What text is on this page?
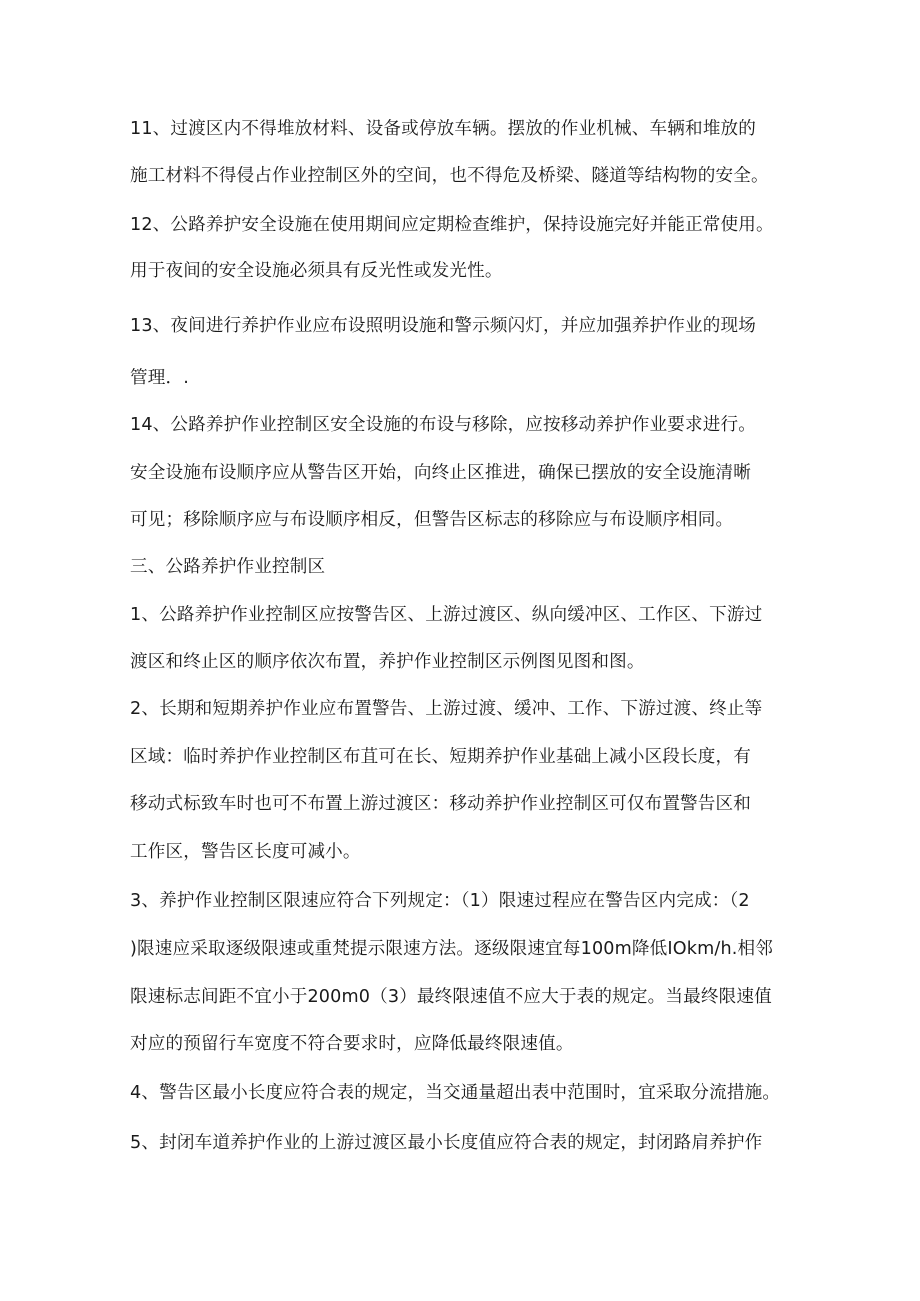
11、过渡区内不得堆放材料、设备或停放车辆。摆放的作业机械、车辆和堆放的
施工材料不得侵占作业控制区外的空间，也不得危及桥梁、隧道等结构物的安全。
12、公路养护安全设施在使用期间应定期检查维护，保持设施完好并能正常使用。
用于夜间的安全设施必须具有反光性或发光性。
13、夜间进行养护作业应布设照明设施和警示频闪灯，并应加强养护作业的现场
管理．.
14、公路养护作业控制区安全设施的布设与移除，应按移动养护作业要求进行。
安全设施布设顺序应从警告区开始，向终止区推进，确保已摆放的安全设施清晰
可见；移除顺序应与布设顺序相反，但警告区标志的移除应与布设顺序相同。
三、公路养护作业控制区
1、公路养护作业控制区应按警告区、上游过渡区、纵向缓冲区、工作区、下游过
渡区和终止区的顺序依次布置，养护作业控制区示例图见图和图。
2、长期和短期养护作业应布置警告、上游过渡、缓冲、工作、下游过渡、终止等
区域：临时养护作业控制区布苴可在长、短期养护作业基础上减小区段长度，有
移动式标致车时也可不布置上游过渡区：移动养护作业控制区可仅布置警告区和
工作区，警告区长度可减小。
3、养护作业控制区限速应符合下列规定：（1）限速过程应在警告区内完成：（2
)限速应采取逐级限速或重梵提示限速方法。逐级限速宜每100m降低IOkm∕h.相邻
限速标志间距不宜小于200m0（3）最终限速值不应大于表的规定。当最终限速值
对应的预留行车宽度不符合要求时，应降低最终限速值。
4、警告区最小长度应符合表的规定，当交通量超出表中范围时，宜采取分流措施。
5、封闭车道养护作业的上游过渡区最小长度值应符合表的规定，封闭路肩养护作
